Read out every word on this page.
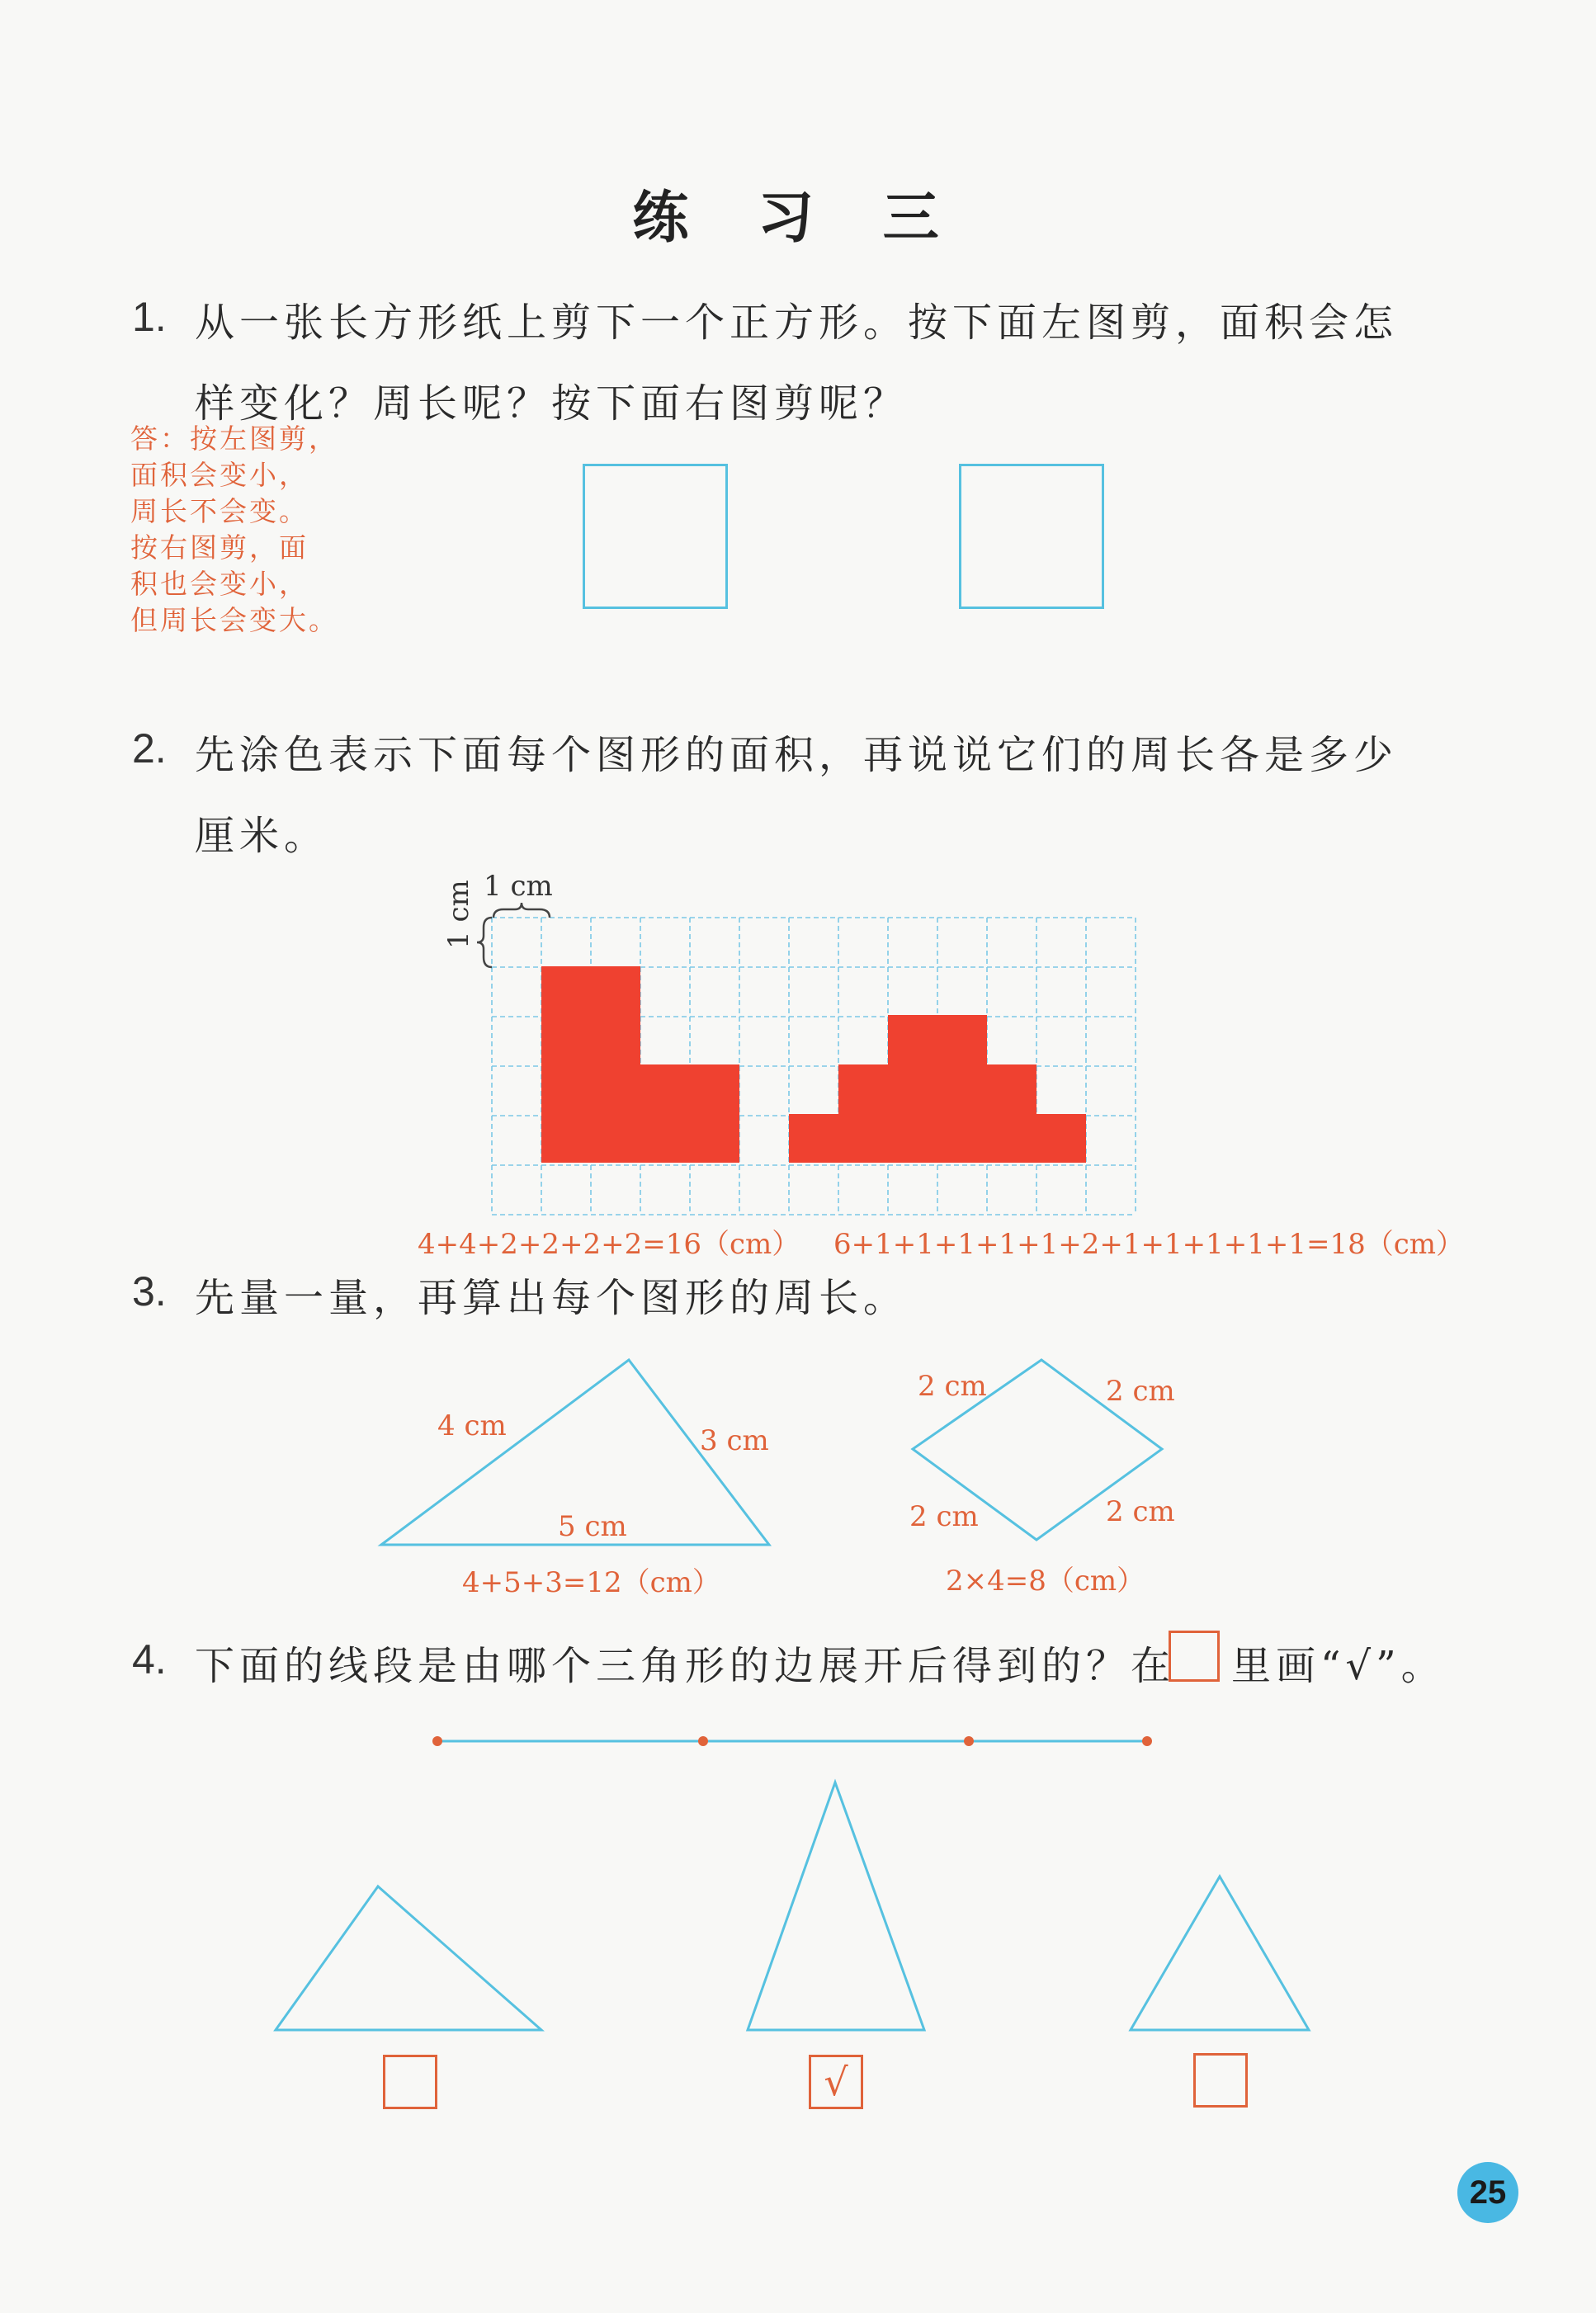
练 习 三
1. 从一张长方形纸上剪下一个正方形。按下面左图剪，面积会怎
样变化？周长呢？按下面右图剪呢？
答：按左图剪，
面积会变小，
周长不会变。
按右图剪，面
积也会变小，
但周长会变大。
2. 先涂色表示下面每个图形的面积，再说说它们的周长各是多少
厘米。
1 cm
1 cm
4+4+2+2+2+2=16（cm） 6+1+1+1+1+1+2+1+1+1+1+1=18（cm）
3. 先量一量，再算出每个图形的周长。
4 cm	3 cm
5 cm
4+5+3=12（cm）
2 cm	2 cm
2 cm	2 cm
2×4=8（cm）
4. 下面的线段是由哪个三角形的边展开后得到的？在 里画“√”。
√
25
